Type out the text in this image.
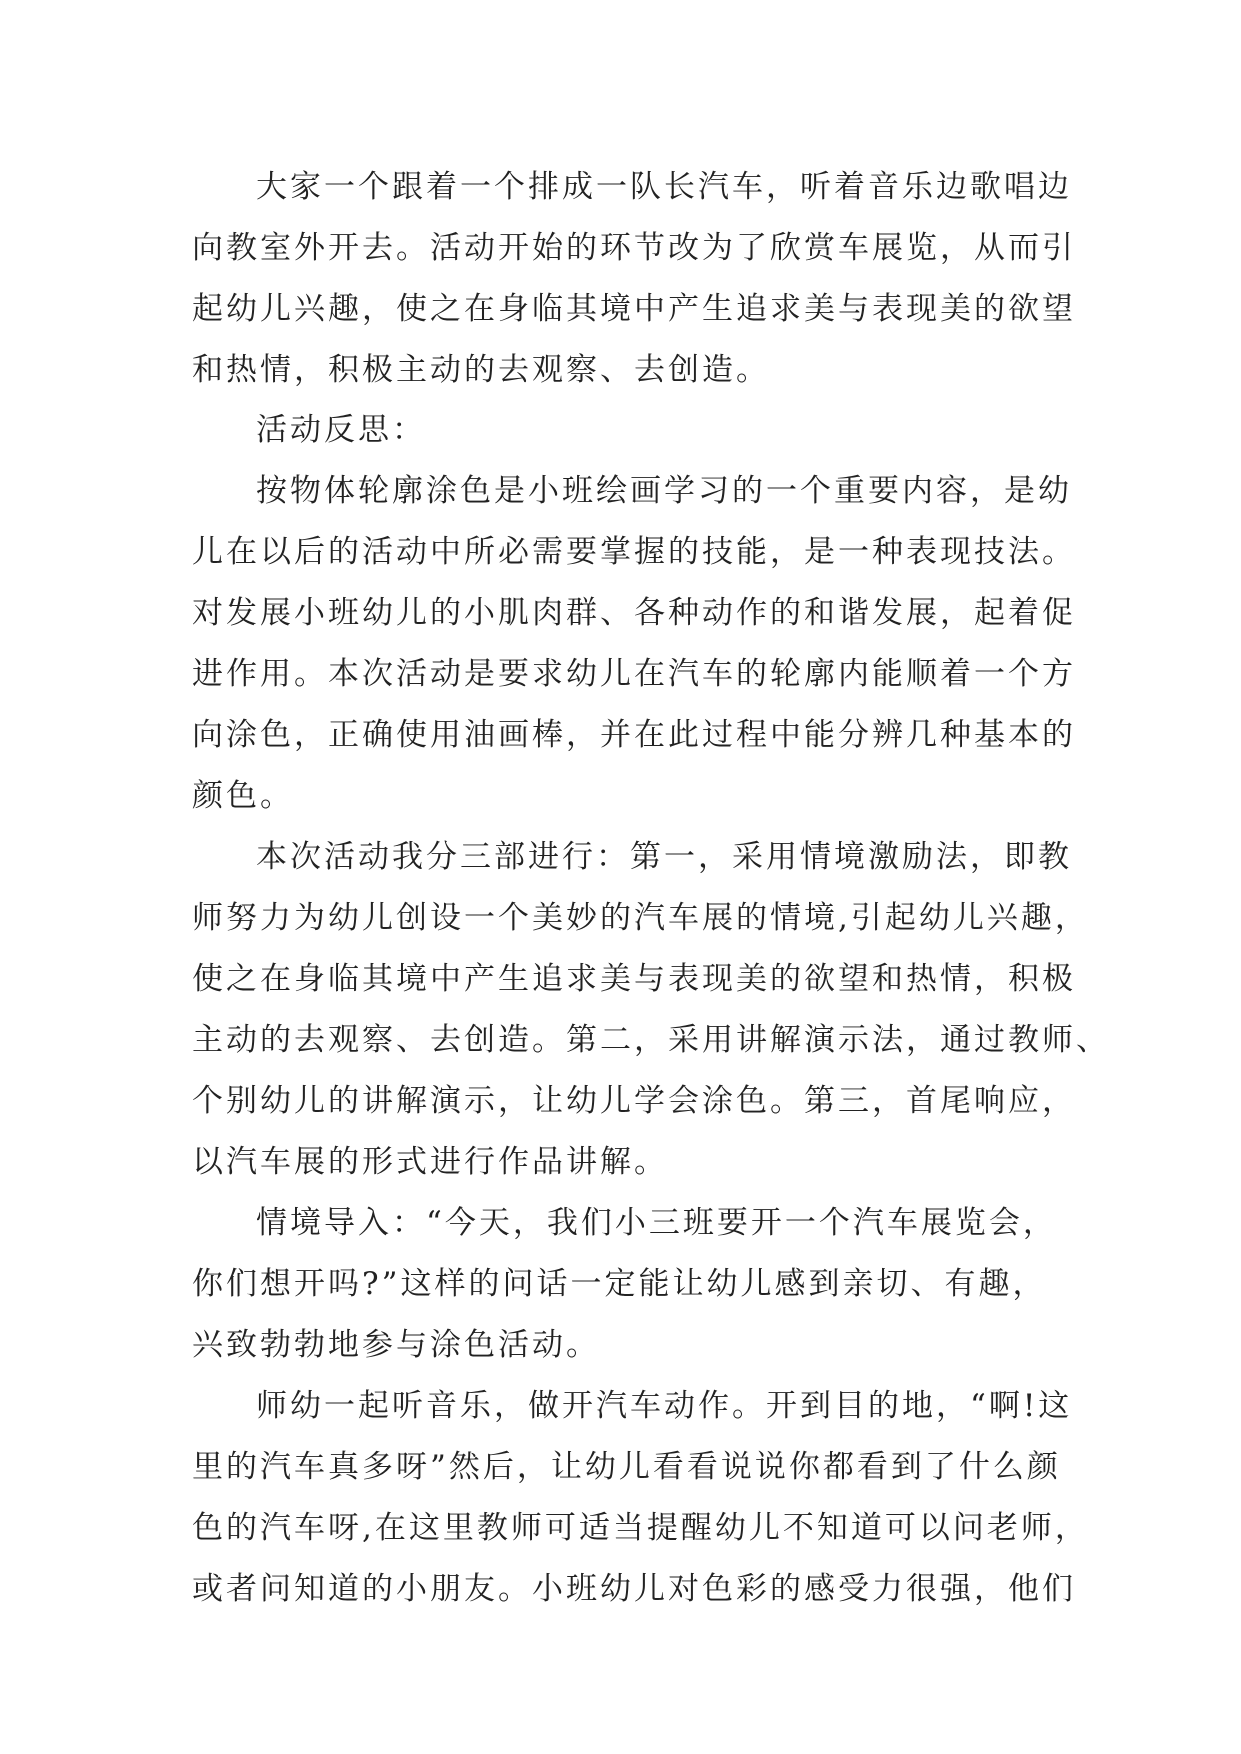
大家一个跟着一个排成一队长汽车，听着音乐边歌唱边

向教室外开去。活动开始的环节改为了欣赏车展览，从而引

起幼儿兴趣，使之在身临其境中产生追求美与表现美的欲望

和热情，积极主动的去观察、去创造。

活动反思：

按物体轮廓涂色是小班绘画学习的一个重要内容，是幼

儿在以后的活动中所必需要掌握的技能，是一种表现技法。

对发展小班幼儿的小肌肉群、各种动作的和谐发展，起着促

进作用。本次活动是要求幼儿在汽车的轮廓内能顺着一个方

向涂色，正确使用油画棒，并在此过程中能分辨几种基本的

颜色。

本次活动我分三部进行：第一，采用情境激励法，即教

师努力为幼儿创设一个美妙的汽车展的情境,引起幼儿兴趣，

使之在身临其境中产生追求美与表现美的欲望和热情，积极

主动的去观察、去创造。第二，采用讲解演示法，通过教师、

个别幼儿的讲解演示，让幼儿学会涂色。第三，首尾响应，

以汽车展的形式进行作品讲解。

情境导入：“今天，我们小三班要开一个汽车展览会，

你们想开吗?”这样的问话一定能让幼儿感到亲切、有趣，

兴致勃勃地参与涂色活动。

师幼一起听音乐，做开汽车动作。开到目的地，“啊!这

里的汽车真多呀”然后，让幼儿看看说说你都看到了什么颜

色的汽车呀,在这里教师可适当提醒幼儿不知道可以问老师，

或者问知道的小朋友。小班幼儿对色彩的感受力很强，他们
